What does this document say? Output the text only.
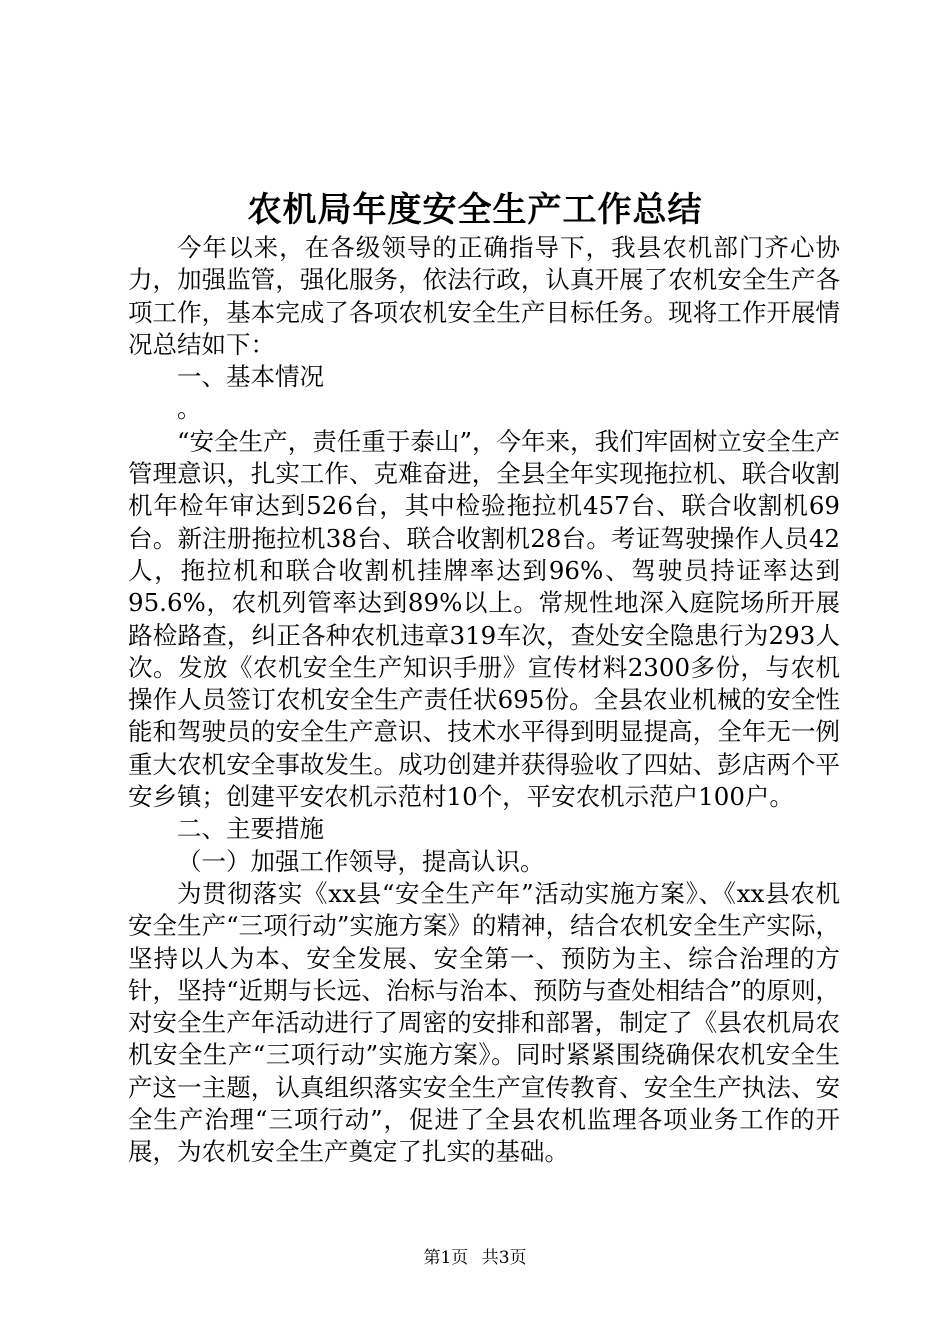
农机局年度安全生产工作总结

今年以来，在各级领导的正确指导下，我县农机部门齐心协力，加强监管，强化服务，依法行政，认真开展了农机安全生产各项工作，基本完成了各项农机安全生产目标任务。现将工作开展情况总结如下：

一、基本情况

。

“安全生产，责任重于泰山”，今年来，我们牢固树立安全生产管理意识，扎实工作、克难奋进，全县全年实现拖拉机、联合收割机年检年审达到526台，其中检验拖拉机457台、联合收割机69台。新注册拖拉机38台、联合收割机28台。考证驾驶操作人员42人，拖拉机和联合收割机挂牌率达到96%、驾驶员持证率达到95.6%，农机列管率达到89%以上。常规性地深入庭院场所开展路检路查，纠正各种农机违章319车次，查处安全隐患行为293人次。发放《农机安全生产知识手册》宣传材料2300多份，与农机操作人员签订农机安全生产责任状695份。全县农业机械的安全性能和驾驶员的安全生产意识、技术水平得到明显提高，全年无一例重大农机安全事故发生。成功创建并获得验收了四姑、彭店两个平安乡镇；创建平安农机示范村10个，平安农机示范户100户。

二、主要措施

（一）加强工作领导，提高认识。

为贯彻落实《xx县“安全生产年”活动实施方案》、《xx县农机安全生产“三项行动”实施方案》的精神，结合农机安全生产实际，坚持以人为本、安全发展、安全第一、预防为主、综合治理的方针，坚持“近期与长远、治标与治本、预防与查处相结合”的原则，对安全生产年活动进行了周密的安排和部署，制定了《县农机局农机安全生产“三项行动”实施方案》。同时紧紧围绕确保农机安全生产这一主题，认真组织落实安全生产宣传教育、安全生产执法、安全生产治理“三项行动”，促进了全县农机监理各项业务工作的开展，为农机安全生产奠定了扎实的基础。

第1页 共3页
